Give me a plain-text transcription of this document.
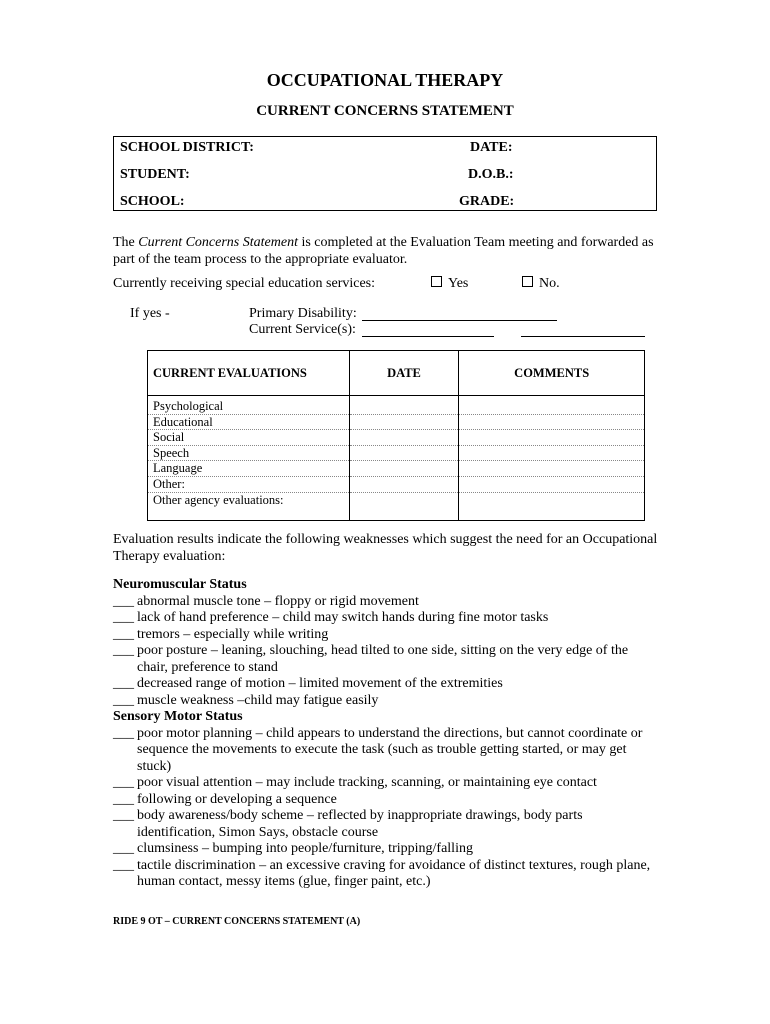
OCCUPATIONAL THERAPY
CURRENT CONCERNS STATEMENT
SCHOOL DISTRICT:	DATE:
STUDENT:	D.O.B.:
SCHOOL:	GRADE:
The Current Concerns Statement is completed at the Evaluation Team meeting and forwarded as part of the team process to the appropriate evaluator.
Currently receiving special education services:	Yes	No.
If yes -	Primary Disability:
Current Service(s):
CURRENT EVALUATIONS	DATE	COMMENTS
Psychological		
Educational		
Social		
Speech		
Language		
Other:		
Other agency evaluations:		
Evaluation results indicate the following weaknesses which suggest the need for an Occupational Therapy evaluation:
Neuromuscular Status
___ abnormal muscle tone – floppy or rigid movement
___ lack of hand preference – child may switch hands during fine motor tasks
___ tremors – especially while writing
___ poor posture – leaning, slouching, head tilted to one side, sitting on the very edge of the chair, preference to stand
___ decreased range of motion – limited movement of the extremities
___ muscle weakness –child may fatigue easily
Sensory Motor Status
___ poor motor planning – child appears to understand the directions, but cannot coordinate or sequence the movements to execute the task (such as trouble getting started, or may get stuck)
___ poor visual attention – may include tracking, scanning, or maintaining eye contact
___ following or developing a sequence
___ body awareness/body scheme – reflected by inappropriate drawings, body parts identification, Simon Says, obstacle course
___ clumsiness – bumping into people/furniture, tripping/falling
___ tactile discrimination – an excessive craving for avoidance of distinct textures, rough plane, human contact, messy items (glue, finger paint, etc.)
RIDE 9 OT – CURRENT CONCERNS STATEMENT (A)
